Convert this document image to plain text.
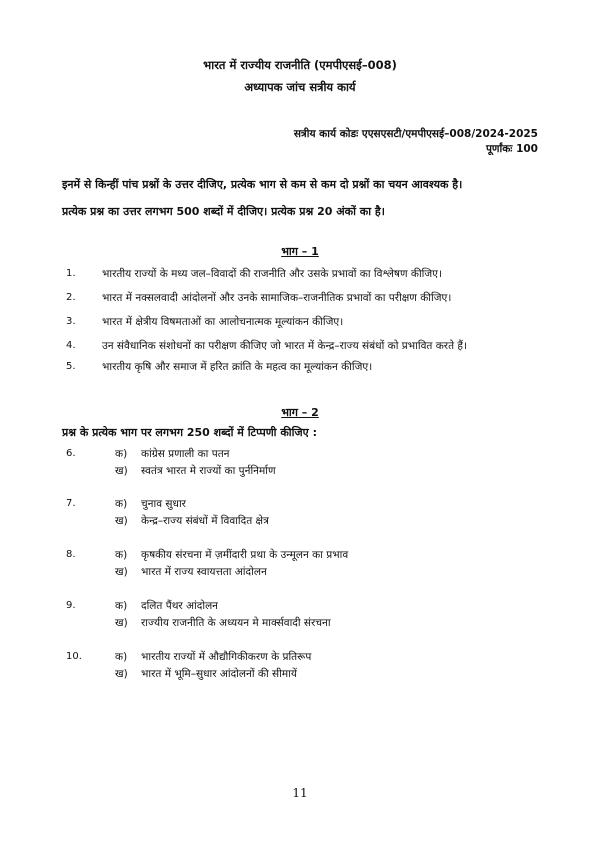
भारत में राज्यीय राजनीति (एमपीएसई–008)
अध्यापक जांच सत्रीय कार्य
सत्रीय कार्य कोडः एएसएसटी/एमपीएसई–008/2024-2025
पूर्णांकः 100
इनमें से किन्हीं पांच प्रश्नों के उत्तर दीजिए, प्रत्येक भाग से कम से कम दो प्रश्नों का चयन आवश्यक है।
प्रत्येक प्रश्न का उत्तर लगभग 500 शब्दों में दीजिए। प्रत्येक प्रश्न 20 अंकों का है।
भाग – 1
1.	भारतीय राज्यों के मध्य जल–विवादों की राजनीति और उसके प्रभावों का विश्लेषण कीजिए।
2.	भारत में नक्सलवादी आंदोलनों और उनके सामाजिक–राजनीतिक प्रभावों का परीक्षण कीजिए।
3.	भारत में क्षेत्रीय विषमताओं का आलोचनात्मक मूल्यांकन कीजिए।
4.	उन संवैधानिक संशोधनों का परीक्षण कीजिए जो भारत में केन्द्र–राज्य संबंधों को प्रभावित करते हैं।
5.	भारतीय कृषि और समाज में हरित क्रांति के महत्व का मूल्यांकन कीजिए।
भाग – 2
प्रश्न के प्रत्येक भाग पर लगभग 250 शब्दों में टिप्पणी कीजिए :
6.	क) कांग्रेस प्रणाली का पतन
ख) स्वतंत्र भारत मे राज्यों का पुर्ननिर्माण
7.	क) चुनाव सुधार
ख) केन्द्र–राज्य संबंधों में विवादित क्षेत्र
8.	क) कृषकीय संरचना में ज़मींदारी प्रथा के उन्मूलन का प्रभाव
ख) भारत में राज्य स्वायत्तता आंदोलन
9.	क) दलित पैंथर आंदोलन
ख) राज्यीय राजनीति के अध्ययन मे मार्क्सवादी संरचना
10.	क) भारतीय राज्यों में औद्यौगिकीकरण के प्रतिरूप
ख) भारत में भूमि–सुधार आंदोलनों की सीमायें
11
